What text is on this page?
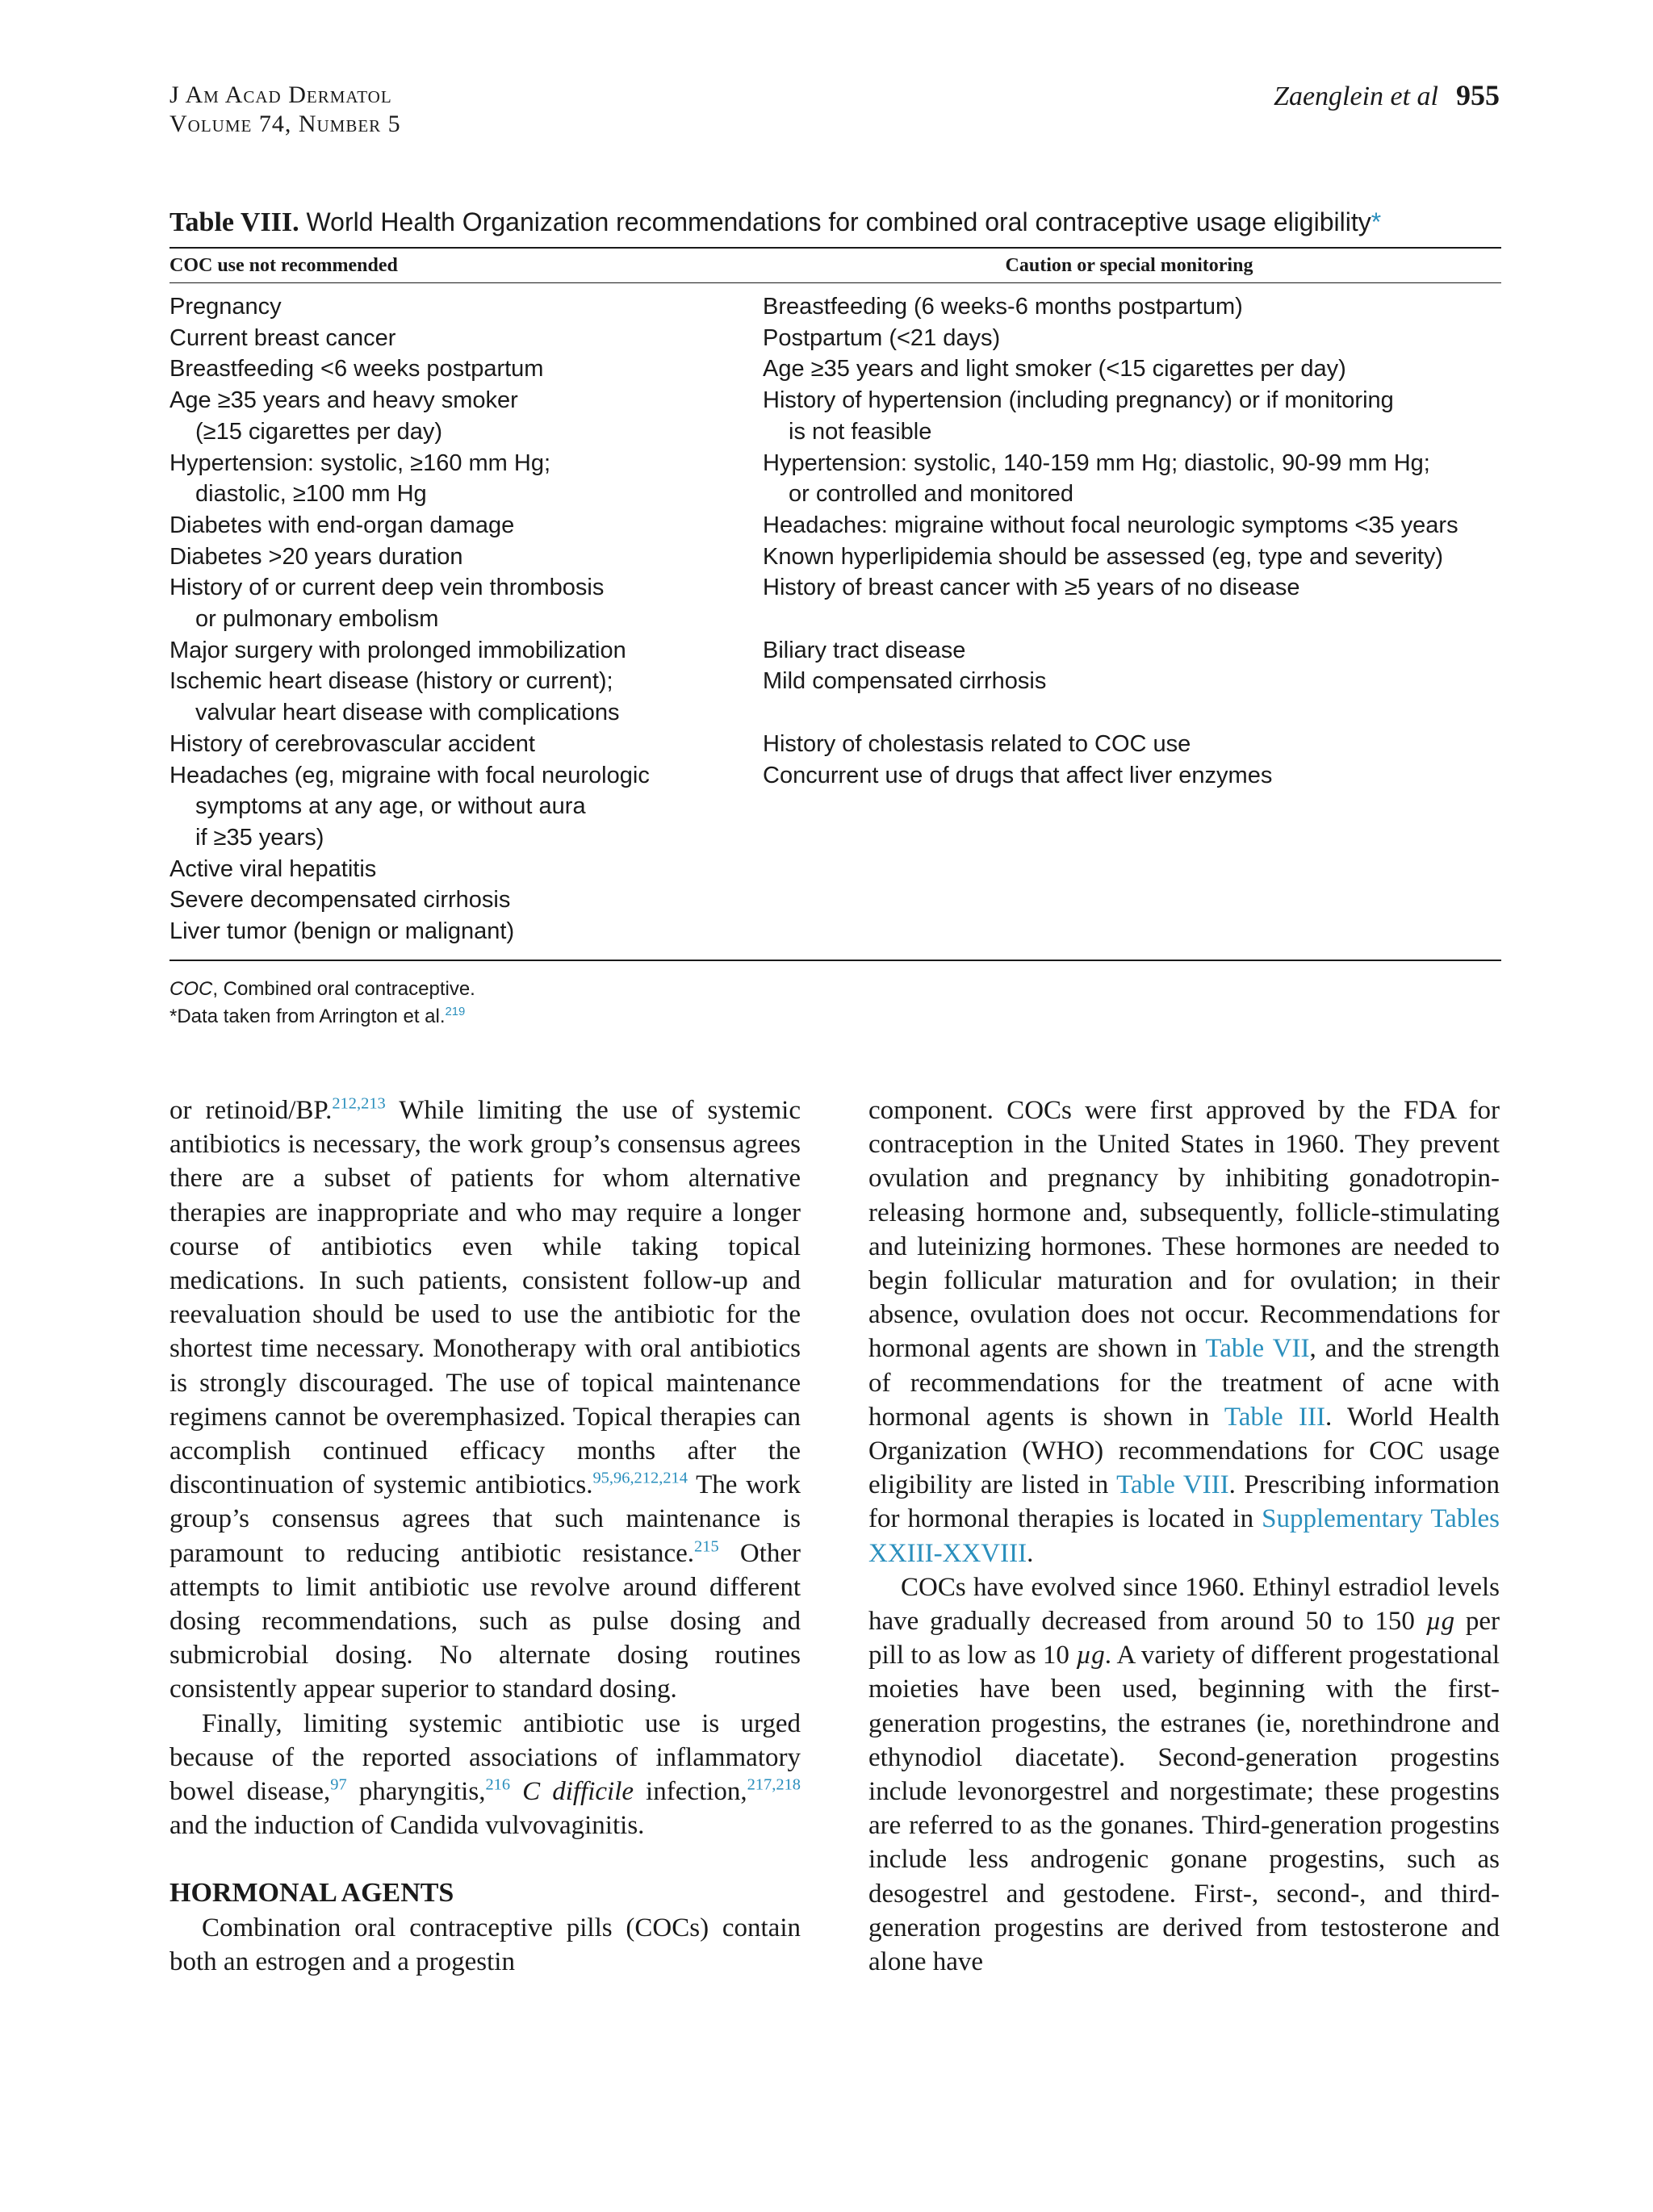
J Am Acad Dermatol
Volume 74, Number 5
Zaenglein et al 955
Table VIII. World Health Organization recommendations for combined oral contraceptive usage eligibility*
COC use not recommended	Caution or special monitoring
Pregnancy
Current breast cancer
Breastfeeding <6 weeks postpartum
Age ≥35 years and heavy smoker
(≥15 cigarettes per day)
Hypertension: systolic, ≥160 mm Hg;
diastolic, ≥100 mm Hg
Diabetes with end-organ damage
Diabetes >20 years duration
History of or current deep vein thrombosis
or pulmonary embolism
Major surgery with prolonged immobilization
Ischemic heart disease (history or current);
valvular heart disease with complications
History of cerebrovascular accident
Headaches (eg, migraine with focal neurologic
symptoms at any age, or without aura
if ≥35 years)
Active viral hepatitis
Severe decompensated cirrhosis
Liver tumor (benign or malignant)
Breastfeeding (6 weeks-6 months postpartum)
Postpartum (<21 days)
Age ≥35 years and light smoker (<15 cigarettes per day)
History of hypertension (including pregnancy) or if monitoring
is not feasible
Hypertension: systolic, 140-159 mm Hg; diastolic, 90-99 mm Hg;
or controlled and monitored
Headaches: migraine without focal neurologic symptoms <35 years
Known hyperlipidemia should be assessed (eg, type and severity)
History of breast cancer with ≥5 years of no disease
Biliary tract disease
Mild compensated cirrhosis
History of cholestasis related to COC use
Concurrent use of drugs that affect liver enzymes
COC, Combined oral contraceptive.
*Data taken from Arrington et al.$^{219}$

or retinoid/BP.$^{212,213}$ While limiting the use of systemic antibiotics is necessary, the work group’s consensus agrees there are a subset of patients for whom alternative therapies are inappropriate and who may require a longer course of antibiotics even while taking topical medications. In such patients, consistent follow-up and reevaluation should be used to use the antibiotic for the shortest time necessary. Monotherapy with oral antibiotics is strongly discouraged. The use of topical maintenance regimens cannot be overemphasized. Topical therapies can accomplish continued efficacy months after the discontinuation of systemic antibiotics.$^{95,96,212,214}$ The work group’s consensus agrees that such maintenance is paramount to reducing antibiotic resistance.$^{215}$ Other attempts to limit antibiotic use revolve around different dosing recommendations, such as pulse dosing and submicrobial dosing. No alternate dosing routines consistently appear superior to standard dosing.

Finally, limiting systemic antibiotic use is urged because of the reported associations of inflammatory bowel disease,$^{97}$ pharyngitis,$^{216}$ C difficile infection,$^{217,218}$ and the induction of Candida vulvovaginitis.

HORMONAL AGENTS

Combination oral contraceptive pills (COCs) contain both an estrogen and a progestin

component. COCs were first approved by the FDA for contraception in the United States in 1960. They prevent ovulation and pregnancy by inhibiting gonadotropin-releasing hormone and, subsequently, follicle-stimulating and luteinizing hormones. These hormones are needed to begin follicular maturation and for ovulation; in their absence, ovulation does not occur. Recommendations for hormonal agents are shown in Table VII, and the strength of recommendations for the treatment of acne with hormonal agents is shown in Table III. World Health Organization (WHO) recommendations for COC usage eligibility are listed in Table VIII. Prescribing information for hormonal therapies is located in Supplementary Tables XXIII-XXVIII.

COCs have evolved since 1960. Ethinyl estradiol levels have gradually decreased from around 50 to 150 µg per pill to as low as 10 µg. A variety of different progestational moieties have been used, beginning with the first-generation progestins, the estranes (ie, norethindrone and ethynodiol diacetate). Second-generation progestins include levonorgestrel and norgestimate; these progestins are referred to as the gonanes. Third-generation progestins include less androgenic gonane progestins, such as desogestrel and gestodene. First-, second-, and third-generation progestins are derived from testosterone and alone have
